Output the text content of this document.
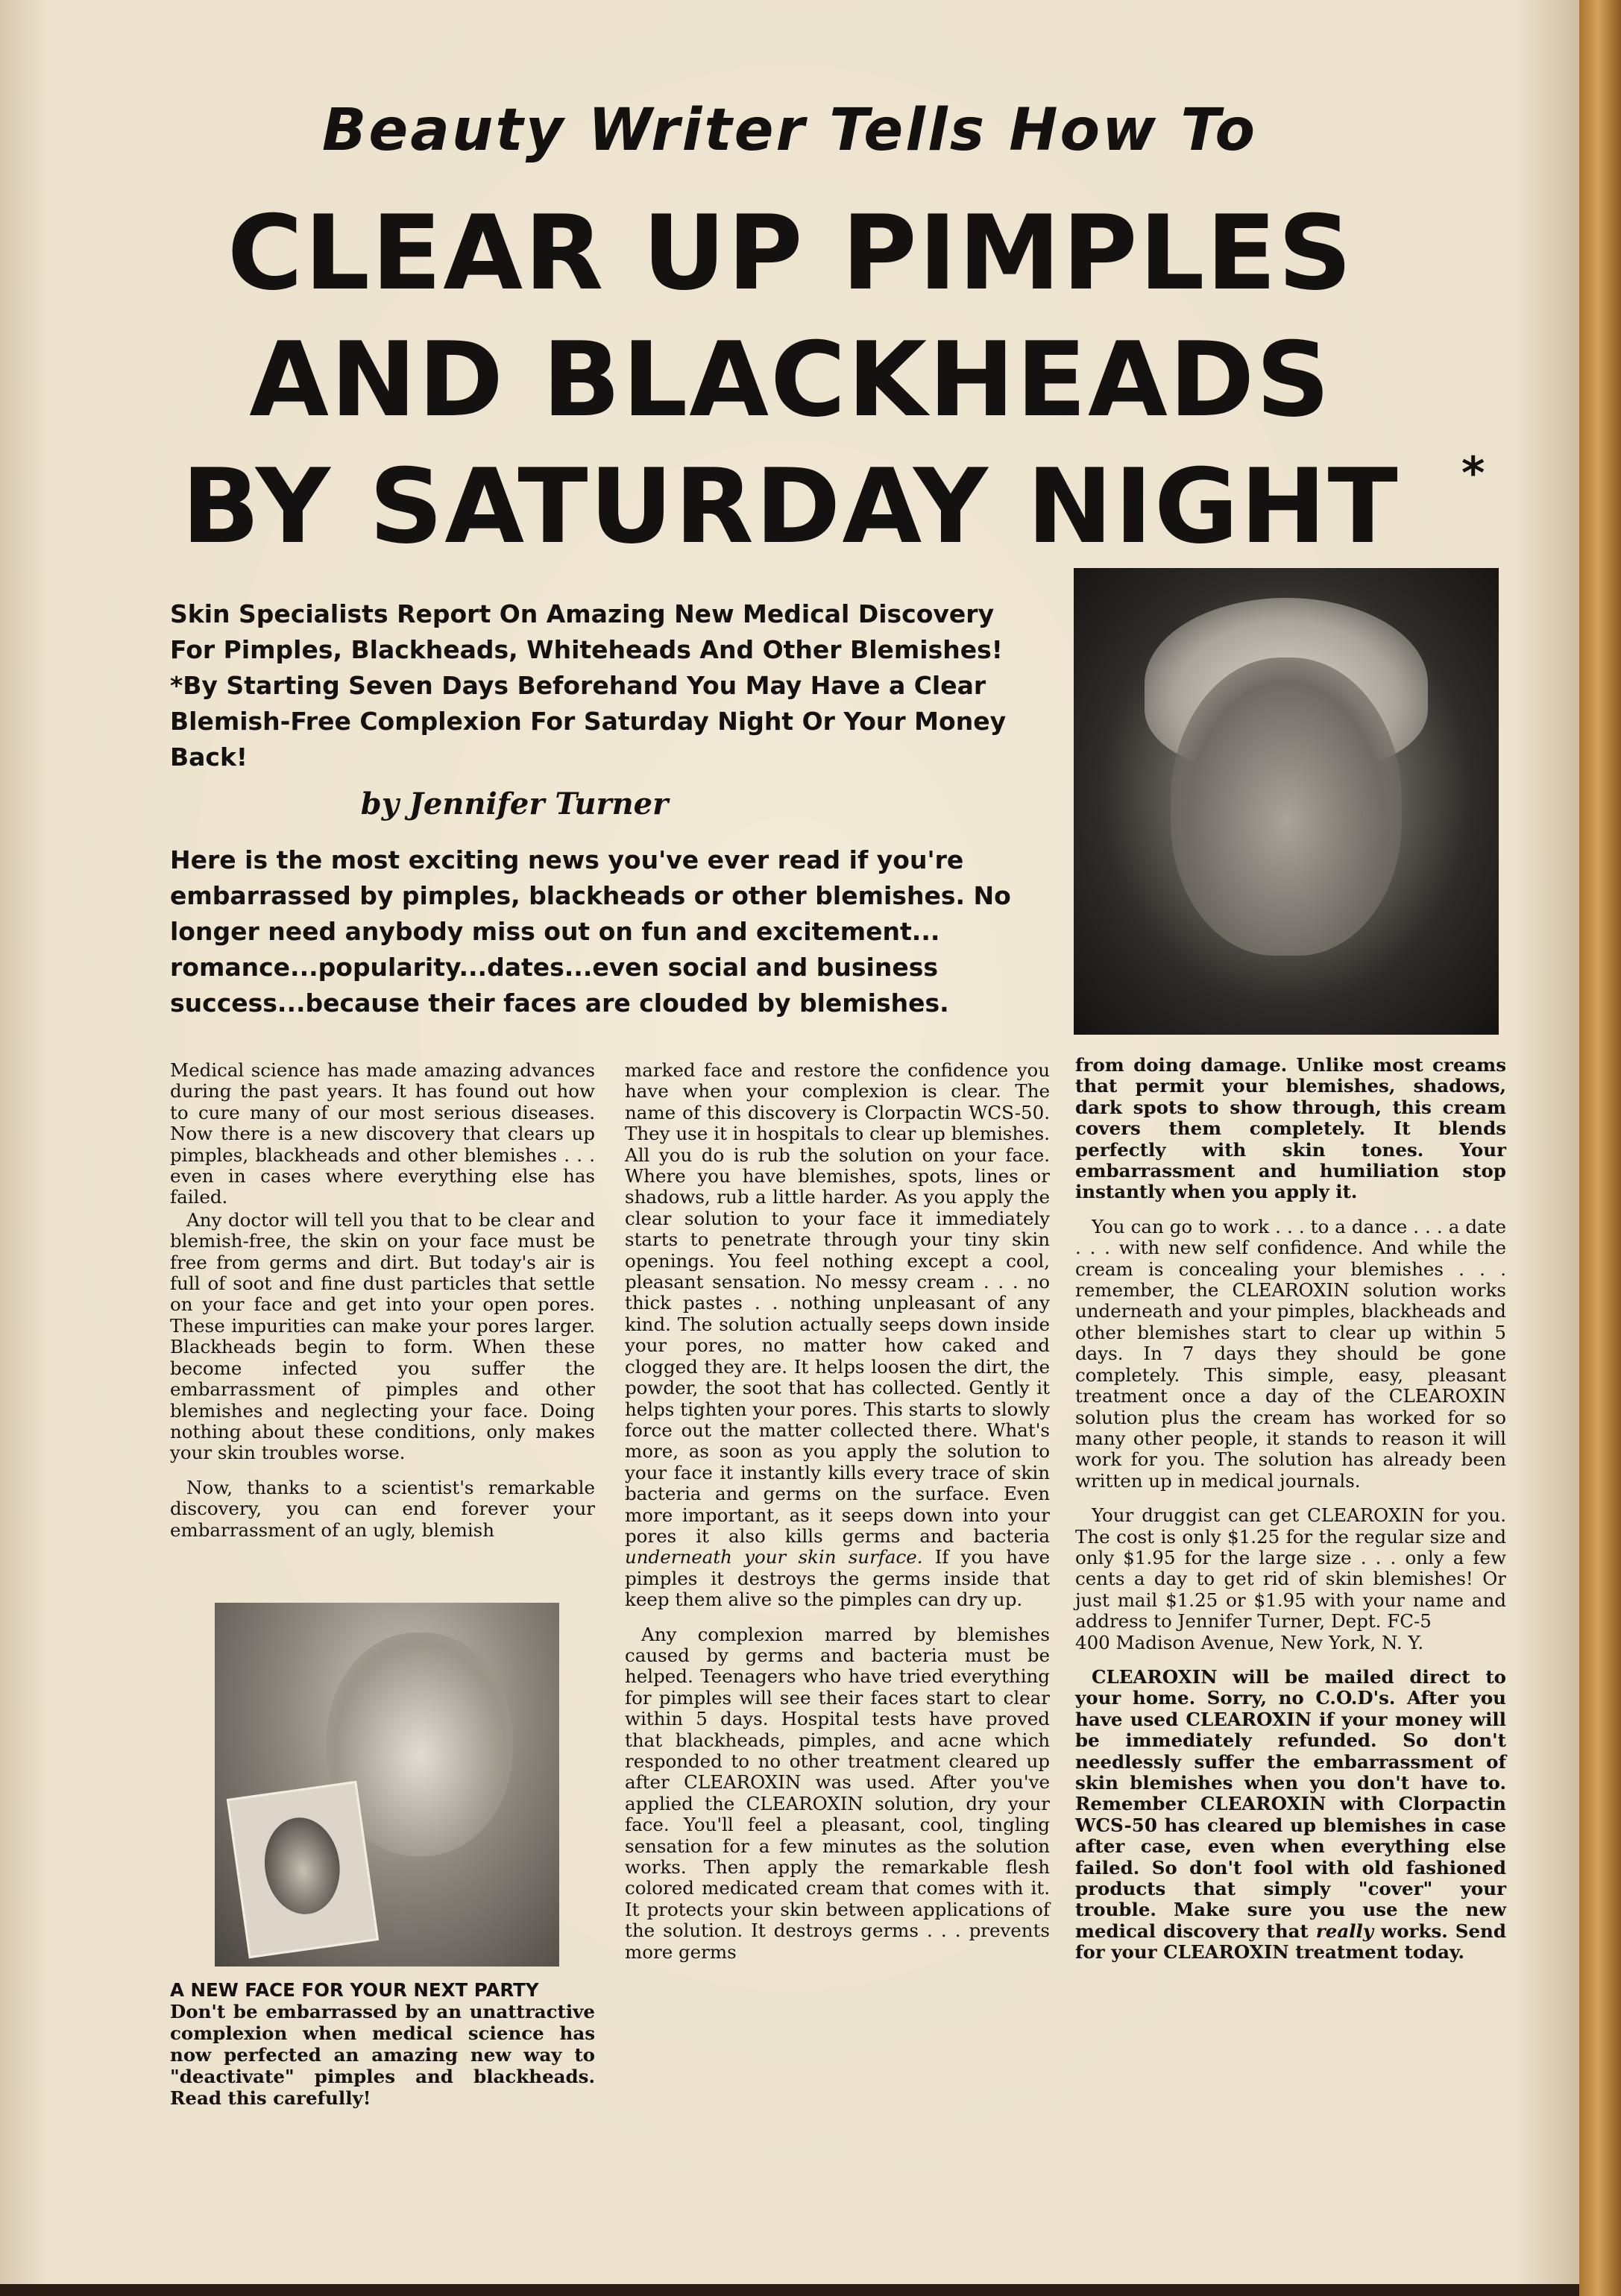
Beauty Writer Tells How To
CLEAR UP PIMPLES
AND BLACKHEADS
BY SATURDAY NIGHT	*
Skin Specialists Report On Amazing New Medical Discovery For Pimples, Blackheads, Whiteheads And Other Blemishes! *By Starting Seven Days Beforehand You May Have a Clear Blemish-Free Complexion For Saturday Night Or Your Money Back!
by Jennifer Turner
Here is the most exciting news you've ever read if you're embarrassed by pimples, blackheads or other blemishes. No longer need anybody miss out on fun and excitement... romance...popularity...dates...even social and business success...because their faces are clouded by blemishes.

Medical science has made amazing advances during the past years. It has found out how to cure many of our most serious diseases. Now there is a new discovery that clears up pimples, blackheads and other blemishes . . . even in cases where everything else has failed.

Any doctor will tell you that to be clear and blemish-free, the skin on your face must be free from germs and dirt. But today's air is full of soot and fine dust particles that settle on your face and get into your open pores. These impurities can make your pores larger. Blackheads begin to form. When these become infected you suffer the embarrassment of pimples and other blemishes and neglecting your face. Doing nothing about these conditions, only makes your skin troubles worse.

Now, thanks to a scientist's remarkable discovery, you can end forever your embarrassment of an ugly, blemish

A NEW FACE FOR YOUR NEXT PARTY
Don't be embarrassed by an unattractive complexion when medical science has now perfected an amazing new way to "deactivate" pimples and blackheads. Read this carefully!

marked face and restore the confidence you have when your complexion is clear. The name of this discovery is Clorpactin WCS-50. They use it in hospitals to clear up blemishes. All you do is rub the solution on your face. Where you have blemishes, spots, lines or shadows, rub a little harder. As you apply the clear solution to your face it immediately starts to penetrate through your tiny skin openings. You feel nothing except a cool, pleasant sensation. No messy cream . . . no thick pastes . . nothing unpleasant of any kind. The solution actually seeps down inside your pores, no matter how caked and clogged they are. It helps loosen the dirt, the powder, the soot that has collected. Gently it helps tighten your pores. This starts to slowly force out the matter collected there. What's more, as soon as you apply the solution to your face it instantly kills every trace of skin bacteria and germs on the surface. Even more important, as it seeps down into your pores it also kills germs and bacteria underneath your skin surface. If you have pimples it destroys the germs inside that keep them alive so the pimples can dry up.

Any complexion marred by blemishes caused by germs and bacteria must be helped. Teenagers who have tried everything for pimples will see their faces start to clear within 5 days. Hospital tests have proved that blackheads, pimples, and acne which responded to no other treatment cleared up after CLEAROXIN was used. After you've applied the CLEAROXIN solution, dry your face. You'll feel a pleasant, cool, tingling sensation for a few minutes as the solution works. Then apply the remarkable flesh colored medicated cream that comes with it. It protects your skin between applications of the solution. It destroys germs . . . prevents more germs

from doing damage. Unlike most creams that permit your blemishes, shadows, dark spots to show through, this cream covers them completely. It blends perfectly with skin tones. Your embarrassment and humiliation stop instantly when you apply it.

You can go to work . . . to a dance . . . a date . . . with new self confidence. And while the cream is concealing your blemishes . . . remember, the CLEAROXIN solution works underneath and your pimples, blackheads and other blemishes start to clear up within 5 days. In 7 days they should be gone completely. This simple, easy, pleasant treatment once a day of the CLEAROXIN solution plus the cream has worked for so many other people, it stands to reason it will work for you. The solution has already been written up in medical journals.

Your druggist can get CLEAROXIN for you. The cost is only $1.25 for the regular size and only $1.95 for the large size . . . only a few cents a day to get rid of skin blemishes! Or just mail $1.25 or $1.95 with your name and address to Jennifer Turner, Dept. FC-5
400 Madison Avenue, New York, N. Y.

CLEAROXIN will be mailed direct to your home. Sorry, no C.O.D's. After you have used CLEAROXIN if your money will be immediately refunded. So don't needlessly suffer the embarrassment of skin blemishes when you don't have to. Remember CLEAROXIN with Clorpactin WCS-50 has cleared up blemishes in case after case, even when everything else failed. So don't fool with old fashioned products that simply "cover" your trouble. Make sure you use the new medical discovery that really works. Send for your CLEAROXIN treatment today.
